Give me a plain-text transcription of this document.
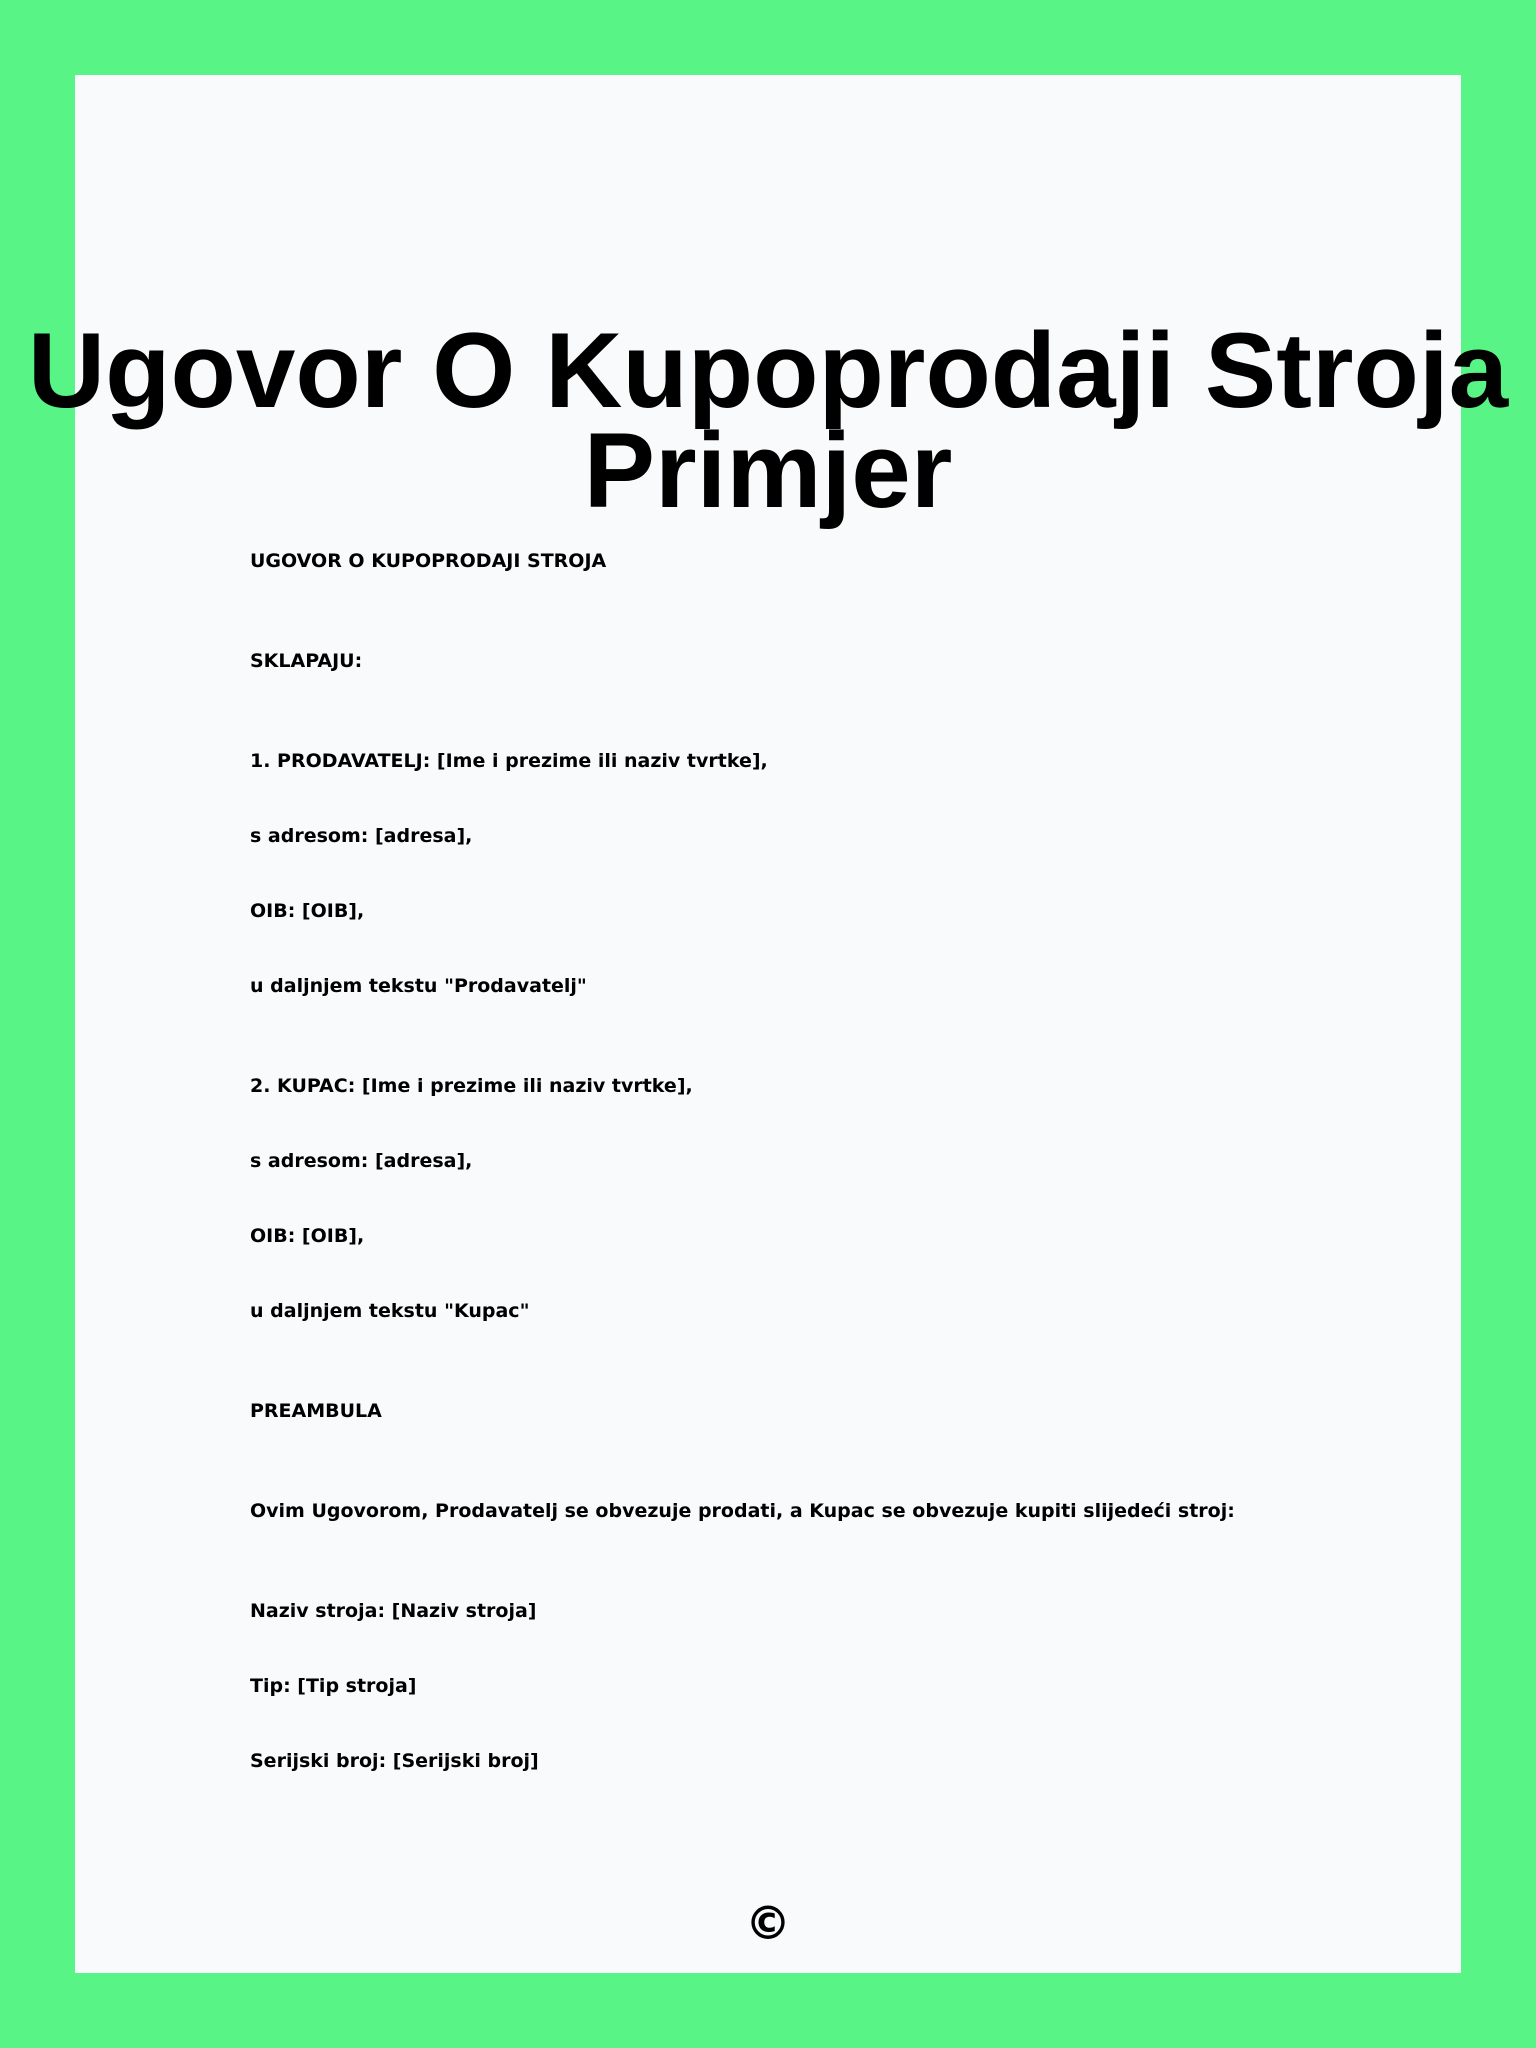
Ugovor O Kupoprodaji Stroja Primjer
UGOVOR O KUPOPRODAJI STROJA
SKLAPAJU:
1. PRODAVATELJ: [Ime i prezime ili naziv tvrtke],
s adresom: [adresa],
OIB: [OIB],
u daljnjem tekstu "Prodavatelj"
2. KUPAC: [Ime i prezime ili naziv tvrtke],
s adresom: [adresa],
OIB: [OIB],
u daljnjem tekstu "Kupac"
PREAMBULA
Ovim Ugovorom, Prodavatelj se obvezuje prodati, a Kupac se obvezuje kupiti slijedeći stroj:
Naziv stroja: [Naziv stroja]
Tip: [Tip stroja]
Serijski broj: [Serijski broj]
©
